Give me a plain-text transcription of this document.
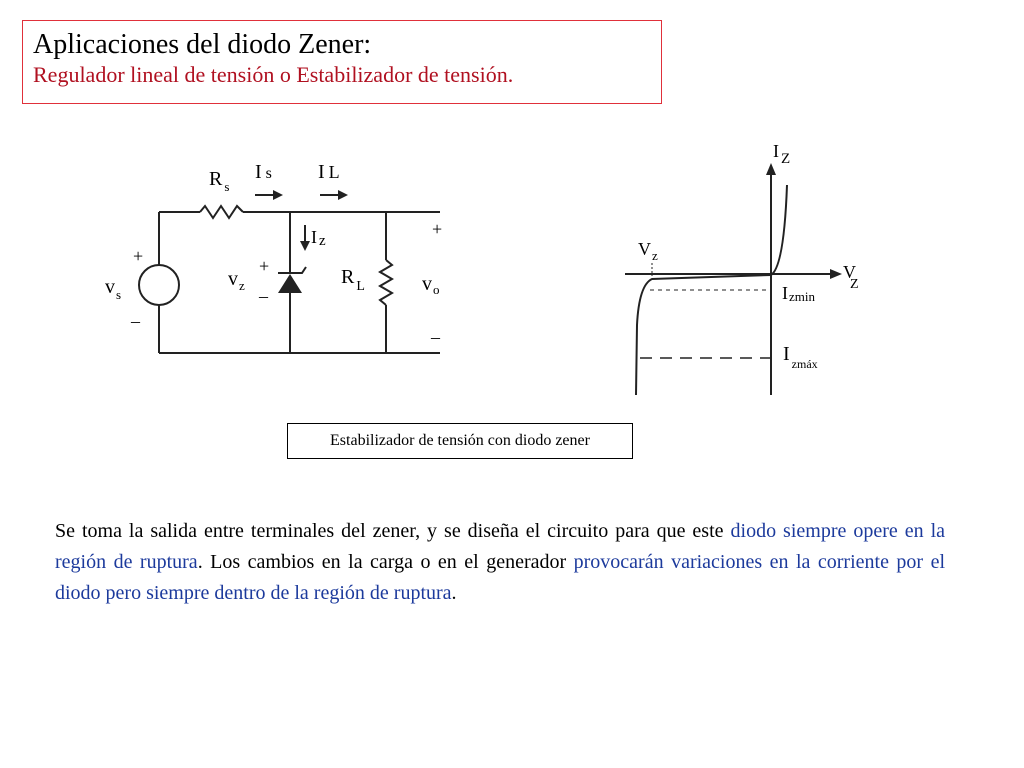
Aplicaciones del diodo Zener:
Regulador lineal de tensión o Estabilizador de tensión.
R $_s$
I s I L
I z
$v_s$
+
–
$v_z$
+
–
R $_L$	$v_o$
+
–
I $_Z$
V
$V_z$
Izmin
I $_{zmáx}$
Z
Estabilizador de tensión con diodo zener

Se toma la salida entre terminales del zener, y se diseña el circuito para que este diodo siempre opere en la región de ruptura. Los cambios en la carga o en el generador provocarán variaciones en la corriente por el diodo pero siempre dentro de la región de ruptura.
